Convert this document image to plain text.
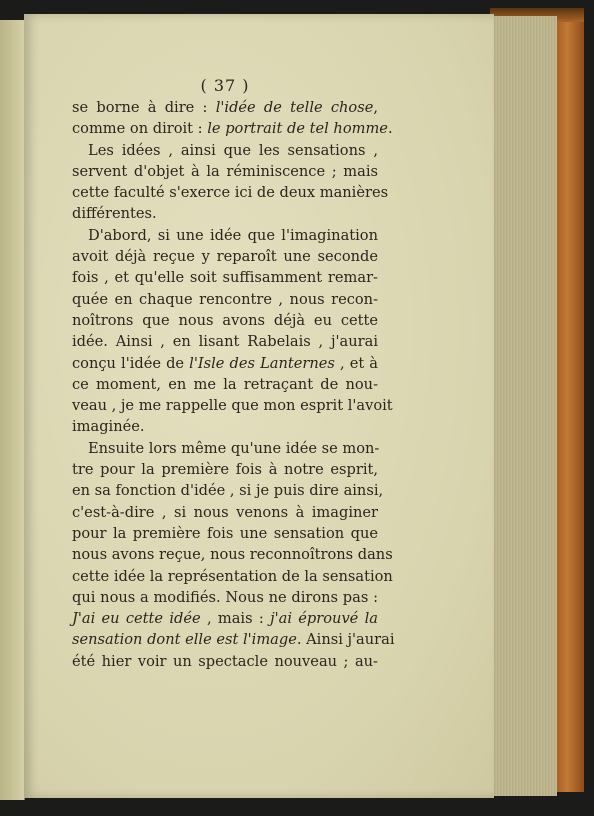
( 37 )
se borne à dire : l'idée de telle chose,
comme on diroit : le portrait de tel homme.
Les idées , ainsi que les sensations ,
servent d'objet à la réminiscence ; mais
cette faculté s'exerce ici de deux manières
différentes.
D'abord, si une idée que l'imagination
avoit déjà reçue y reparoît une seconde
fois , et qu'elle soit suffisamment remar-
quée en chaque rencontre , nous recon-
noîtrons que nous avons déjà eu cette
idée. Ainsi , en lisant Rabelais , j'aurai
conçu l'idée de l'Isle des Lanternes , et à
ce moment, en me la retraçant de nou-
veau , je me rappelle que mon esprit l'avoit
imaginée.
Ensuite lors même qu'une idée se mon-
tre pour la première fois à notre esprit,
en sa fonction d'idée , si je puis dire ainsi,
c'est-à-dire , si nous venons à imaginer
pour la première fois une sensation que
nous avons reçue, nous reconnoîtrons dans
cette idée la représentation de la sensation
qui nous a modifiés. Nous ne dirons pas :
J'ai eu cette idée , mais : j'ai éprouvé la
sensation dont elle est l'image. Ainsi j'aurai
été hier voir un spectacle nouveau ; au-
